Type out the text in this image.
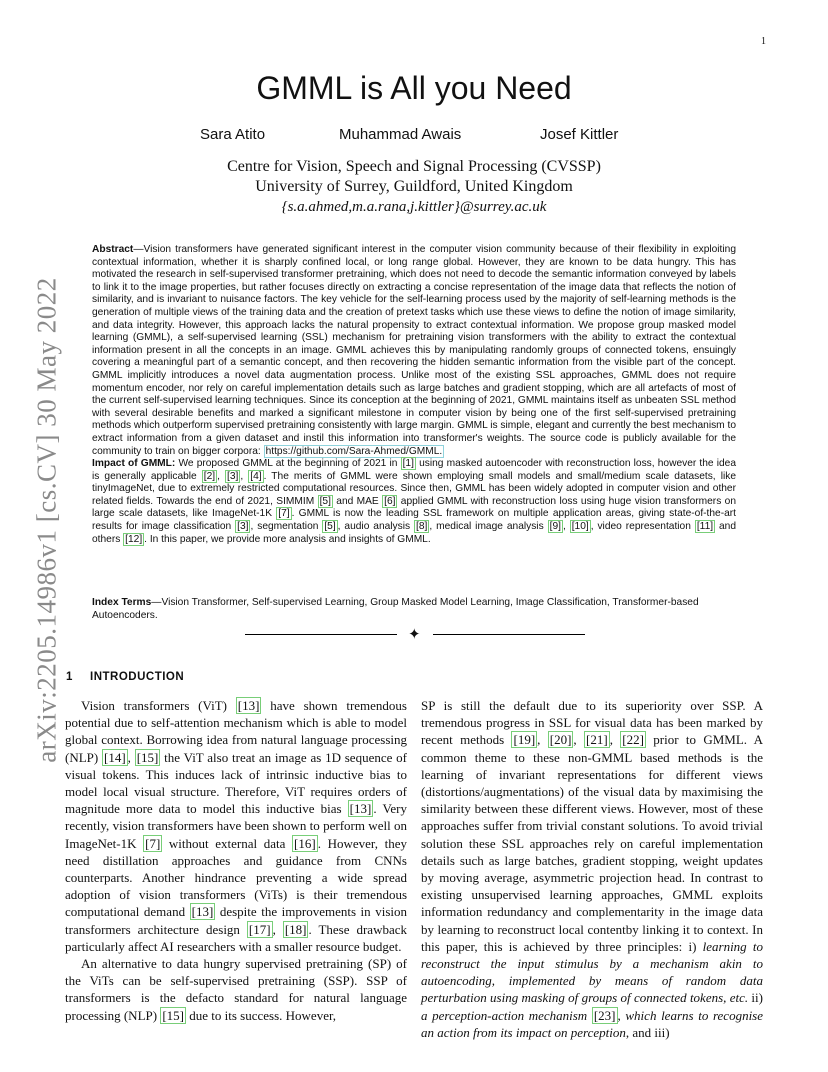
1
arXiv:2205.14986v1 [cs.CV] 30 May 2022
GMML is All you Need
Sara Atito	Muhammad Awais	Josef Kittler
Centre for Vision, Speech and Signal Processing (CVSSP)
University of Surrey, Guildford, United Kingdom
{s.a.ahmed,m.a.rana,j.kittler}@surrey.ac.uk

Abstract—Vision transformers have generated significant interest in the computer vision community because of their flexibility in exploiting contextual information, whether it is sharply confined local, or long range global. However, they are known to be data hungry. This has motivated the research in self-supervised transformer pretraining, which does not need to decode the semantic information conveyed by labels to link it to the image properties, but rather focuses directly on extracting a concise representation of the image data that reflects the notion of similarity, and is invariant to nuisance factors. The key vehicle for the self-learning process used by the majority of self-learning methods is the generation of multiple views of the training data and the creation of pretext tasks which use these views to define the notion of image similarity, and data integrity. However, this approach lacks the natural propensity to extract contextual information. We propose group masked model learning (GMML), a self-supervised learning (SSL) mechanism for pretraining vision transformers with the ability to extract the contextual information present in all the concepts in an image. GMML achieves this by manipulating randomly groups of connected tokens, ensuingly covering a meaningful part of a semantic concept, and then recovering the hidden semantic information from the visible part of the concept. GMML implicitly introduces a novel data augmentation process. Unlike most of the existing SSL approaches, GMML does not require momentum encoder, nor rely on careful implementation details such as large batches and gradient stopping, which are all artefacts of most of the current self-supervised learning techniques. Since its conception at the beginning of 2021, GMML maintains itself as unbeaten SSL method with several desirable benefits and marked a significant milestone in computer vision by being one of the first self-supervised pretraining methods which outperform supervised pretraining consistently with large margin. GMML is simple, elegant and currently the best mechanism to extract information from a given dataset and instil this information into transformer's weights. The source code is publicly available for the community to train on bigger corpora: https://github.com/Sara-Ahmed/GMML.

Impact of GMML: We proposed GMML at the beginning of 2021 in [1] using masked autoencoder with reconstruction loss, however the idea is generally applicable [2] , [3] , [4] . The merits of GMML were shown employing small models and small/medium scale datasets, like tinyImageNet, due to extremely restricted computational resources. Since then, GMML has been widely adopted in computer vision and other related fields. Towards the end of 2021, SIMMIM [5] and MAE [6] applied GMML with reconstruction loss using huge vision transformers on large scale datasets, like ImageNet-1K [7] . GMML is now the leading SSL framework on multiple application areas, giving state-of-the-art results for image classification [3] , segmentation [5] , audio analysis [8] , medical image analysis [9] , [10] , video representation [11] and others [12] . In this paper, we provide more analysis and insights of GMML.

Index Terms—Vision Transformer, Self-supervised Learning, Group Masked Model Learning, Image Classification, Transformer-based Autoencoders.

✦
1 INTRODUCTION

Vision transformers (ViT) [13] have shown tremendous potential due to self-attention mechanism which is able to model global context. Borrowing idea from natural language processing (NLP) [14] , [15] the ViT also treat an image as 1D sequence of visual tokens. This induces lack of intrinsic inductive bias to model local visual structure. Therefore, ViT requires orders of magnitude more data to model this inductive bias [13] . Very recently, vision transformers have been shown to perform well on ImageNet-1K [7] without external data [16] . However, they need distillation approaches and guidance from CNNs counterparts. Another hindrance preventing a wide spread adoption of vision transformers (ViTs) is their tremendous computational demand [13] despite the improvements in vision transformers architecture design [17] , [18] . These drawback particularly affect AI researchers with a smaller resource budget.

An alternative to data hungry supervised pretraining (SP) of the ViTs can be self-supervised pretraining (SSP). SSP of transformers is the defacto standard for natural language processing (NLP) [15] due to its success. However,

SP is still the default due to its superiority over SSP. A tremendous progress in SSL for visual data has been marked by recent methods [19] , [20] , [21] , [22] prior to GMML. A common theme to these non-GMML based methods is the learning of invariant representations for different views (distortions/augmentations) of the visual data by maximising the similarity between these different views. However, most of these approaches suffer from trivial constant solutions. To avoid trivial solution these SSL approaches rely on careful implementation details such as large batches, gradient stopping, weight updates by moving average, asymmetric projection head. In contrast to existing unsupervised learning approaches, GMML exploits information redundancy and complementarity in the image data by learning to reconstruct local contentby linking it to context. In this paper, this is achieved by three principles: i) learning to reconstruct the input stimulus by a mechanism akin to autoencoding, implemented by means of random data perturbation using masking of groups of connected tokens, etc. ii) a perception-action mechanism [23] , which learns to recognise an action from its impact on perception, and iii)
